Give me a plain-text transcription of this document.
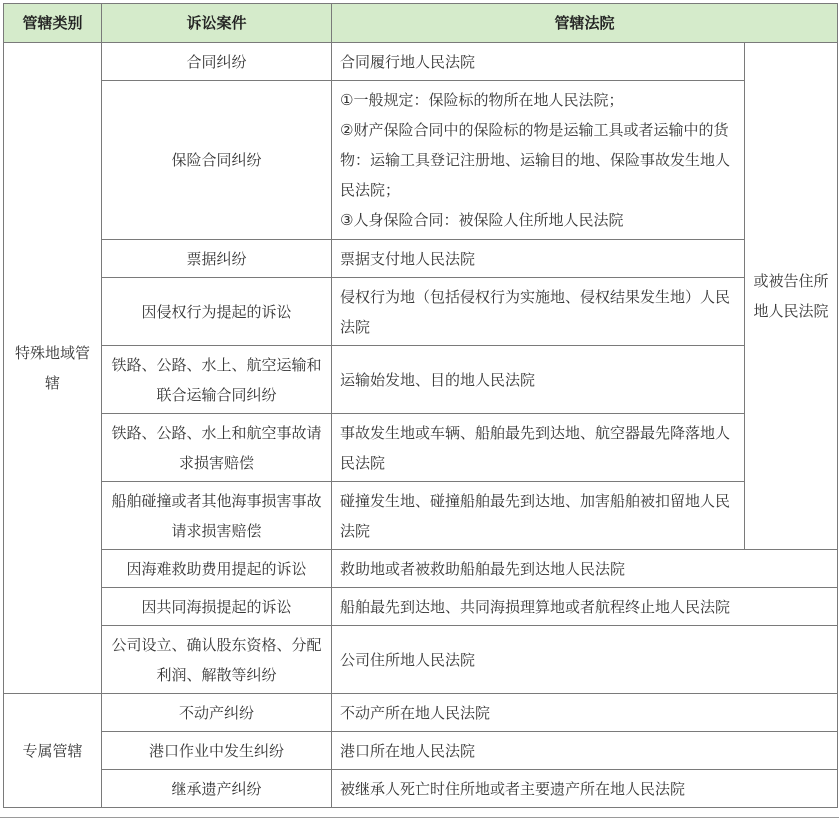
管辖类别	诉讼案件	管辖法院	
特殊地域管辖	合同纠纷	合同履行地人民法院	或被告住所地人民法院
	保险合同纠纷	①一般规定：保险标的物所在地人民法院；
②财产保险合同中的保险标的物是运输工具或者运输中的货物：运输工具登记注册地、运输目的地、保险事故发生地人民法院；
③人身保险合同：被保险人住所地人民法院	

	票据纠纷	票据支付地人民法院	
	因侵权行为提起的诉讼	侵权行为地（包括侵权行为实施地、侵权结果发生地）人民法院	
	铁路、公路、水上、航空运输和联合运输合同纠纷	运输始发地、目的地人民法院	
	铁路、公路、水上和航空事故请求损害赔偿	事故发生地或车辆、船舶最先到达地、航空器最先降落地人民法院	
	船舶碰撞或者其他海事损害事故请求损害赔偿	碰撞发生地、碰撞船舶最先到达地、加害船舶被扣留地人民法院	
	因海难救助费用提起的诉讼	救助地或者被救助船舶最先到达地人民法院	
	因共同海损提起的诉讼	船舶最先到达地、共同海损理算地或者航程终止地人民法院	
	公司设立、确认股东资格、分配利润、解散等纠纷	公司住所地人民法院	
专属管辖	不动产纠纷	不动产所在地人民法院	
	港口作业中发生纠纷	港口所在地人民法院	
	继承遗产纠纷	被继承人死亡时住所地或者主要遗产所在地人民法院	
